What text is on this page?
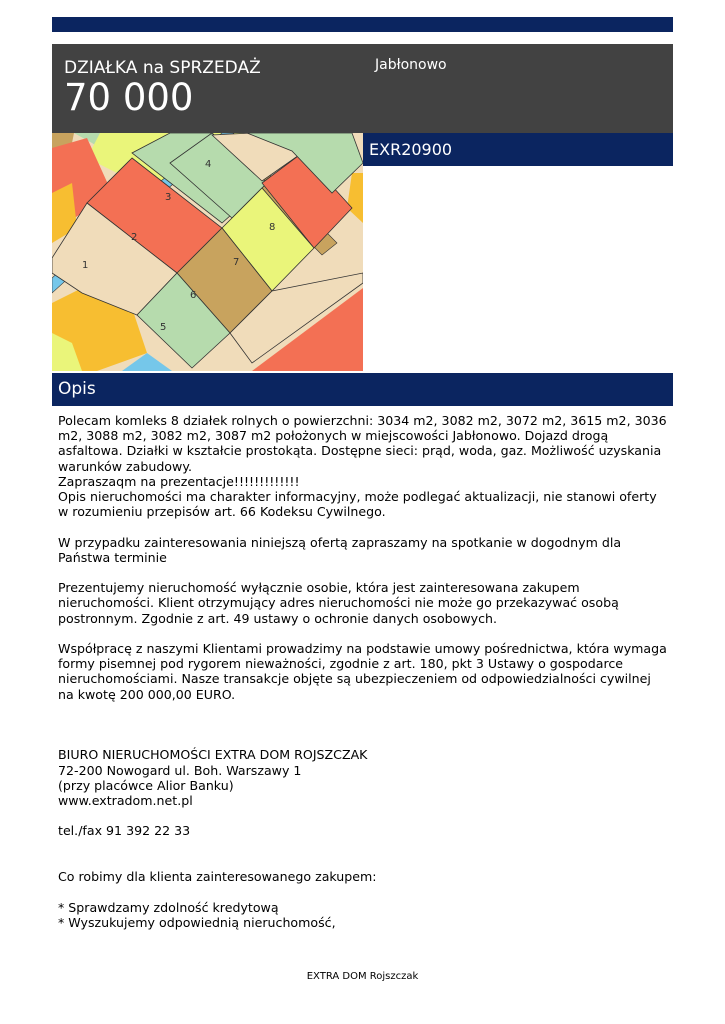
DZIAŁKA na SPRZEDAŻ
70 000
Jabłonowo
1
2
3
4
5
6
7
8
EXR20900
Opis

Polecam komleks 8 działek rolnych o powierzchni: 3034 m2, 3082 m2, 3072 m2, 3615 m2, 3036 m2, 3088 m2, 3082 m2, 3087 m2 położonych w miejscowości Jabłonowo. Dojazd drogą asfaltowa. Działki w kształcie prostokąta. Dostępne sieci: prąd, woda, gaz. Możliwość uzyskania warunków zabudowy.
Zapraszaqm na prezentacje!!!!!!!!!!!!!
Opis nieruchomości ma charakter informacyjny, może podlegać aktualizacji, nie stanowi oferty w rozumieniu przepisów art. 66 Kodeksu Cywilnego.

W przypadku zainteresowania niniejszą ofertą zapraszamy na spotkanie w dogodnym dla Państwa terminie

Prezentujemy nieruchomość wyłącznie osobie, która jest zainteresowana zakupem nieruchomości. Klient otrzymujący adres nieruchomości nie może go przekazywać osobą postronnym. Zgodnie z art. 49 ustawy o ochronie danych osobowych.

Współpracę z naszymi Klientami prowadzimy na podstawie umowy pośrednictwa, która wymaga formy pisemnej pod rygorem nieważności, zgodnie z art. 180, pkt 3 Ustawy o gospodarce nieruchomościami. Nasze transakcje objęte są ubezpieczeniem od odpowiedzialności cywilnej na kwotę 200 000,00 EURO.

BIURO NIERUCHOMOŚCI EXTRA DOM ROJSZCZAK
72-200 Nowogard ul. Boh. Warszawy 1
(przy placówce Alior Banku)
www.extradom.net.pl

tel./fax 91 392 22 33

Co robimy dla klienta zainteresowanego zakupem:

* Sprawdzamy zdolność kredytową
* Wyszukujemy odpowiednią nieruchomość,

EXTRA DOM Rojszczak
